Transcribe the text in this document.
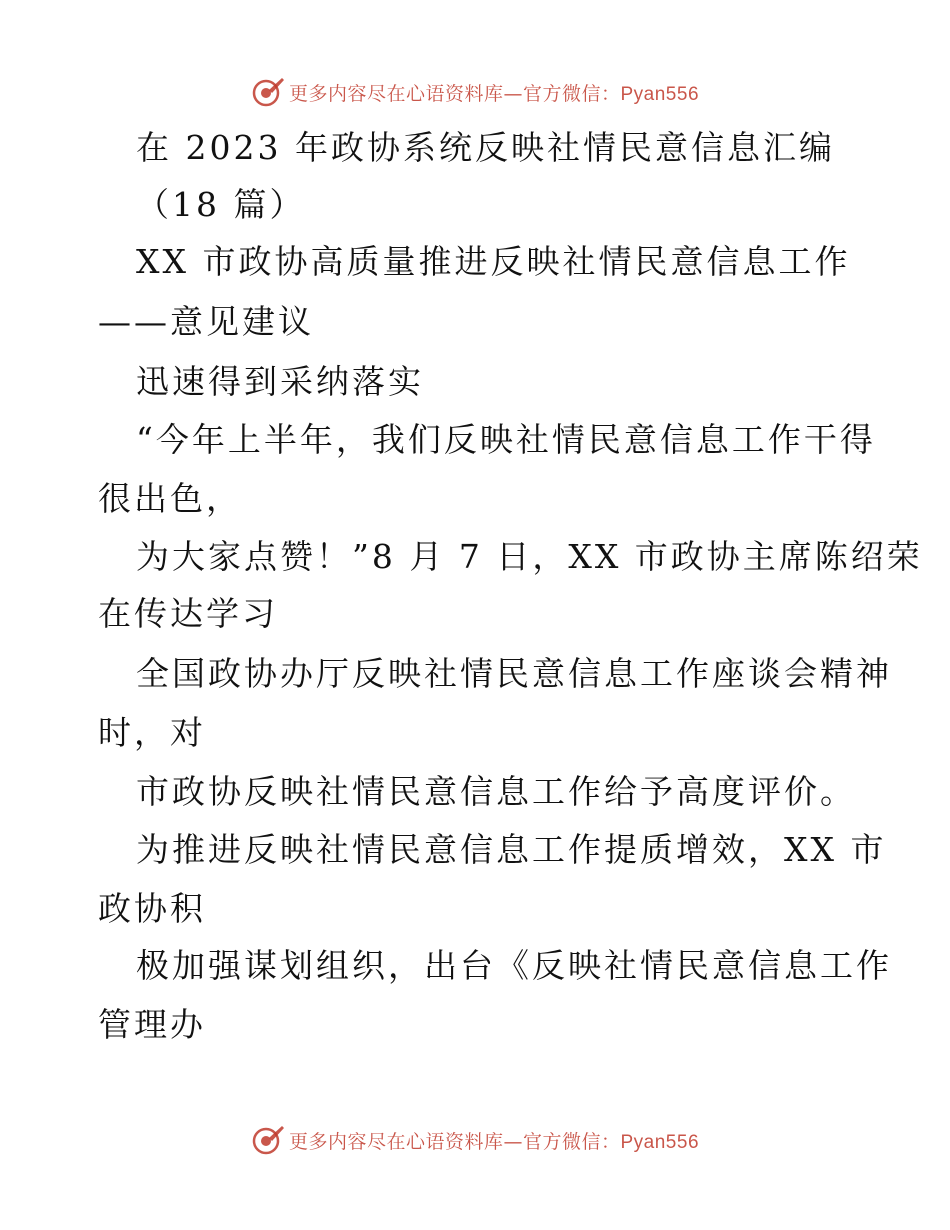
更多内容尽在心语资料库—官方微信：Pyan556
在 2023 年政协系统反映社情民意信息汇编
（18 篇）
XX 市政协高质量推进反映社情民意信息工作
——意见建议
迅速得到采纳落实
“今年上半年，我们反映社情民意信息工作干得
很出色，
为大家点赞！”8 月 7 日，XX 市政协主席陈绍荣
在传达学习
全国政协办厅反映社情民意信息工作座谈会精神
时，对
市政协反映社情民意信息工作给予高度评价。
为推进反映社情民意信息工作提质增效，XX 市
政协积
极加强谋划组织，出台《反映社情民意信息工作
管理办
更多内容尽在心语资料库—官方微信：Pyan556
